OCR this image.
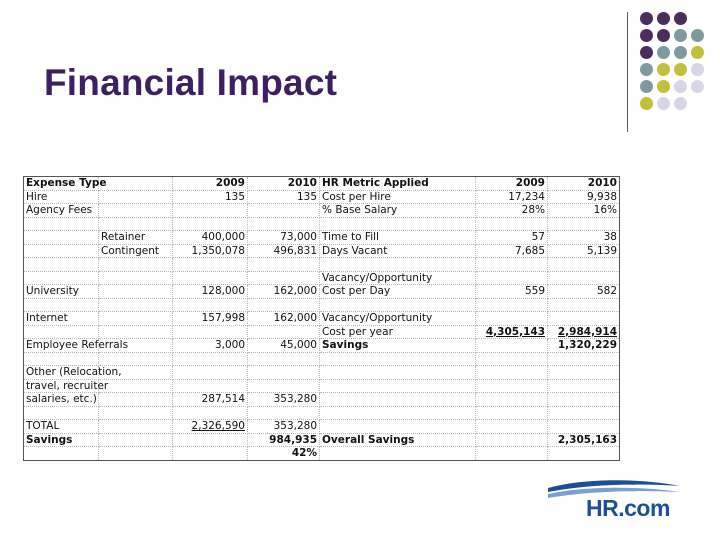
Financial Impact
Expense Type		2009	2010	HR Metric Applied	2009	2010
Hire		135	135	Cost per Hire	17,234	9,938
Agency Fees				% Base Salary	28%	16%

	Retainer	400,000	73,000	Time to Fill	57	38
	Contingent	1,350,078	496,831	Days Vacant	7,685	5,139

				Vacancy/Opportunity		
University		128,000	162,000	Cost per Day	559	582

Internet		157,998	162,000	Vacancy/Opportunity		
				Cost per year	4,305,143	2,984,914
Employee Referrals		3,000	45,000	Savings		1,320,229

Other (Relocation,						
travel, recruiter						
salaries, etc.)		287,514	353,280			

TOTAL		2,326,590	353,280			
Savings			984,935	Overall Savings		2,305,163
			42%			
HR.com
